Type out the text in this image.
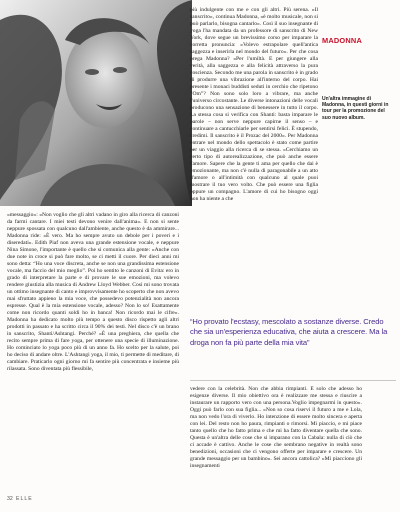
MADONNA
Un'altra immagine di Madonna, in questi giorni in tour per la promozione del suo nuovo album.

«messaggio»: «Non voglio che gli altri vadano in giro alla ricerca di canzoni da farmi cantare. I miei testi devono venire dall'anima». E non si sente neppure spossata con qualcuno dall'ambiente, anche questo è da ammirare... Madonna ride: «È vero. Ma ho sempre avuto un debole per i poveri e i diseredati». Edith Piaf non aveva una grande estensione vocale, e neppure Nina Simone, l'importante è quello che si comunica alla gente: «Anche con due note in croce si può fare molto, se ci metti il cuore. Per dieci anni mi sono detta: “Ho una voce discreta, anche se non una grandissima estensione vocale, ma faccio del mio meglio”. Poi ho sentito le canzoni di Evita: ero in grado di interpretare la parte e di provare le sue emozioni, ma volevo rendere giustizia alla musica di Andrew Lloyd Webber. Così mi sono trovata un ottimo insegnante di canto e improvvisamente ho scoperto che non avevo mai sfruttato appieno la mia voce, che possedevo potenzialità non ancora espresse. Qual è la mia estensione vocale, adesso? Non lo so! Esattamente come non ricordo quanti soldi ho in banca! Non ricordo mai le cifre». Madonna ha dedicato molto più tempo a questo disco rispetto agli altri prodotti in passato e ha scritto circa il 90% dei testi. Nel disco c'è un brano in sanscrito, Shanti/Ashtangi. Perché? «È una preghiera, che quella che recito sempre prima di fare yoga, per ottenere una specie di illuminazione. Ho cominciato lo yoga poco più di un anno fa. Ho scelto per la salute, poi ho deciso di andare oltre. L'Ashtangi yoga, il mio, ti permette di meditare, di cambiare. Praticarlo ogni giorno mi fa sentire più concentrata e insieme più rilassata. Sono diventata più flessibile,

più indulgente con me e con gli altri. Più serena. «Il sanscrito», continua Madonna, «è molto musicale, non si può parlarlo, bisogna cantarlo». Così il suo insegnante di yoga l'ha mandata da un professore di sanscrito di New York, dove segue un brevissimo corso per imparare la corretta pronuncia: «Volevo estrapolare quell'antica saggezza e inserirla nel mondo del futuro». Per che cosa prega Madonna? «Per l'umiltà. E per giungere alla verità, alla saggezza e alla felicità attraverso la pura coscienza. Secondo me una parola in sanscrito è in grado di produrre una vibrazione all'interno del corpo. Hai presente i monaci buddisti seduti in cerchio che ripetono “Om”? Non sono solo loro a vibrare, ma anche l'universo circostante. Le diverse intonazioni delle vocali producono una sensazione di benessere in tutto il corpo. La stessa cosa si verifica con Shanti: basta imparare le parole – non serve neppure capirne il senso – e continuare a cantucchiarle per sentirsi felici. È stupendo, credimi. Il sanscrito è il Prozac del 2000». Per Madonna entrare nel mondo dello spettacolo è stato come partire per un viaggio alla ricerca di se stessa. «Cerchiamo un certo tipo di autorealizzazione, che può anche essere l'amore. Sapere che la gente ti ama per quello che dai è emozionante, ma non c'è nulla di paragonabile a un atto d'amore o all'intimità con qualcuno al quale puoi mostrare il tuo vero volto. Che può essere una figlia oppure un compagno. L'amore di cui ho bisogno oggi non ha niente a che

“Ho provato l'ecstasy, mescolato a sostanze diverse. Credo che sia un'esperienza educativa, che aiuta a crescere. Ma la droga non fa più parte della mia vita”

vedere con la celebrità. Non che abbia rimpianti. È solo che adesso ho esigenze diverse. Il mio obiettivo ora è realizzare me stessa e riuscire a instaurare un rapporto vero con una persona.Voglio impegnarmi in questo». Oggi può farlo con sua figlia... «Non so cosa riservi il futuro a me e Lola, ma non vedo l'ora di viverlo. Ho intenzione di essere molto sincera e aperta con lei. Del resto non ho paura, rimpianti o rimorsi. Mi piaccio, e mi piace tanto quello che ho fatto prima e che mi ha fatto diventare quella che sono. Questa è un'altra delle cose che si imparano con la Cabala: nulla di ciò che ci accade è cattivo. Anche le cose che sembrano negative in realtà sono benedizioni, occasioni che ci vengono offerte per imparare e crescere. Un grande messaggio per un bambino». Sei ancora cattolica? «Mi piacciono gli insegnamenti

32 ELLE
